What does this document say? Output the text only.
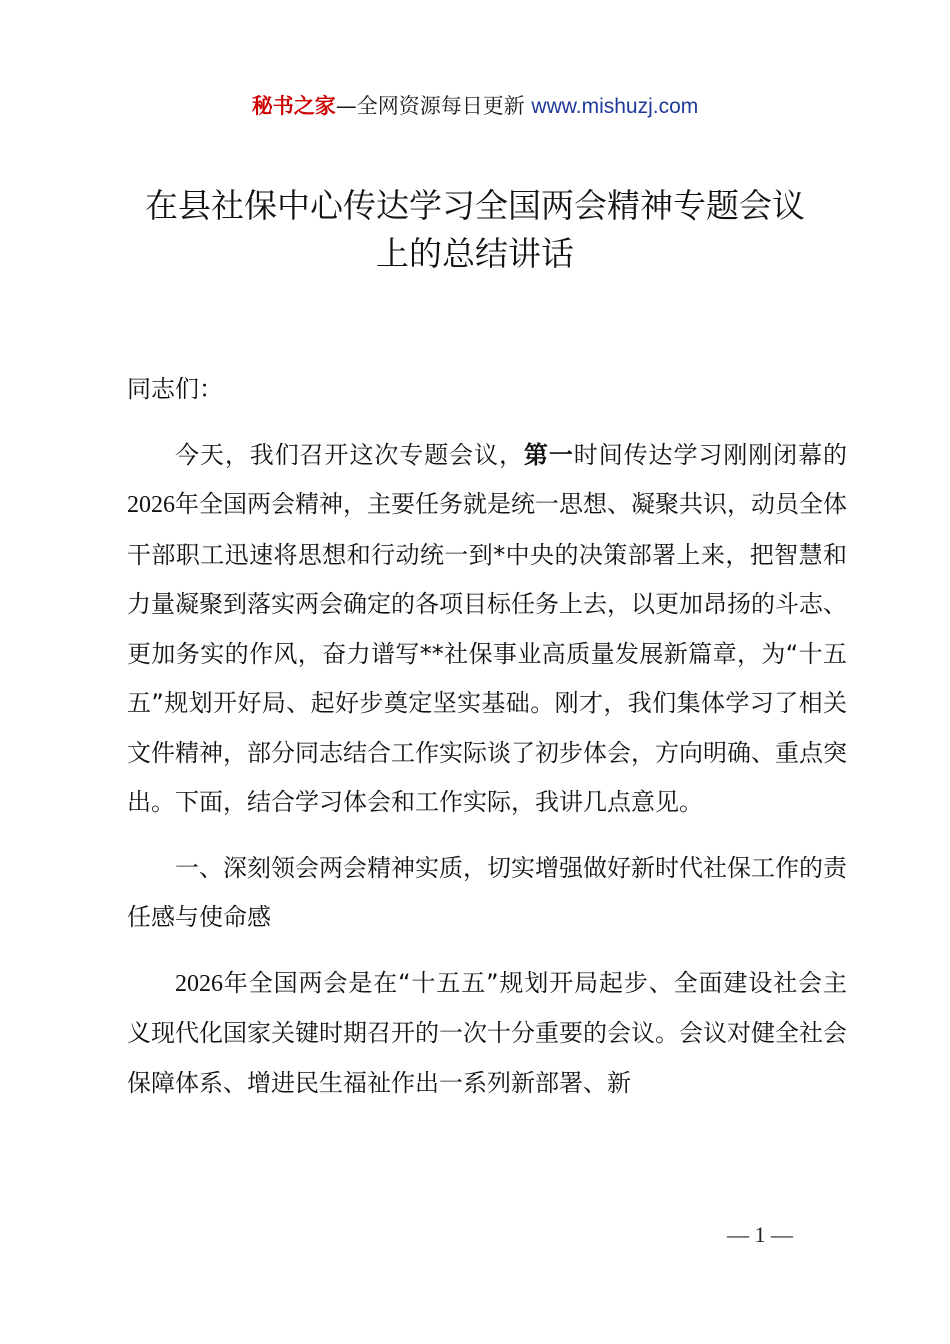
秘书之家—全网资源每日更新 www.mishuzj.com
在县社保中心传达学习全国两会精神专题会议
上的总结讲话
同志们：
今天，我们召开这次专题会议，第一时间传达学习刚刚闭幕的2026年全国两会精神，主要任务就是统一思想、凝聚共识，动员全体干部职工迅速将思想和行动统一到*中央的决策部署上来，把智慧和力量凝聚到落实两会确定的各项目标任务上去，以更加昂扬的斗志、更加务实的作风，奋力谱写**社保事业高质量发展新篇章，为“十五五”规划开好局、起好步奠定坚实基础。刚才，我们集体学习了相关文件精神，部分同志结合工作实际谈了初步体会，方向明确、重点突出。下面，结合学习体会和工作实际，我讲几点意见。
一、深刻领会两会精神实质，切实增强做好新时代社保工作的责任感与使命感
2026年全国两会是在“十五五”规划开局起步、全面建设社会主义现代化国家关键时期召开的一次十分重要的会议。会议对健全社会保障体系、增进民生福祉作出一系列新部署、新
— 1 —
